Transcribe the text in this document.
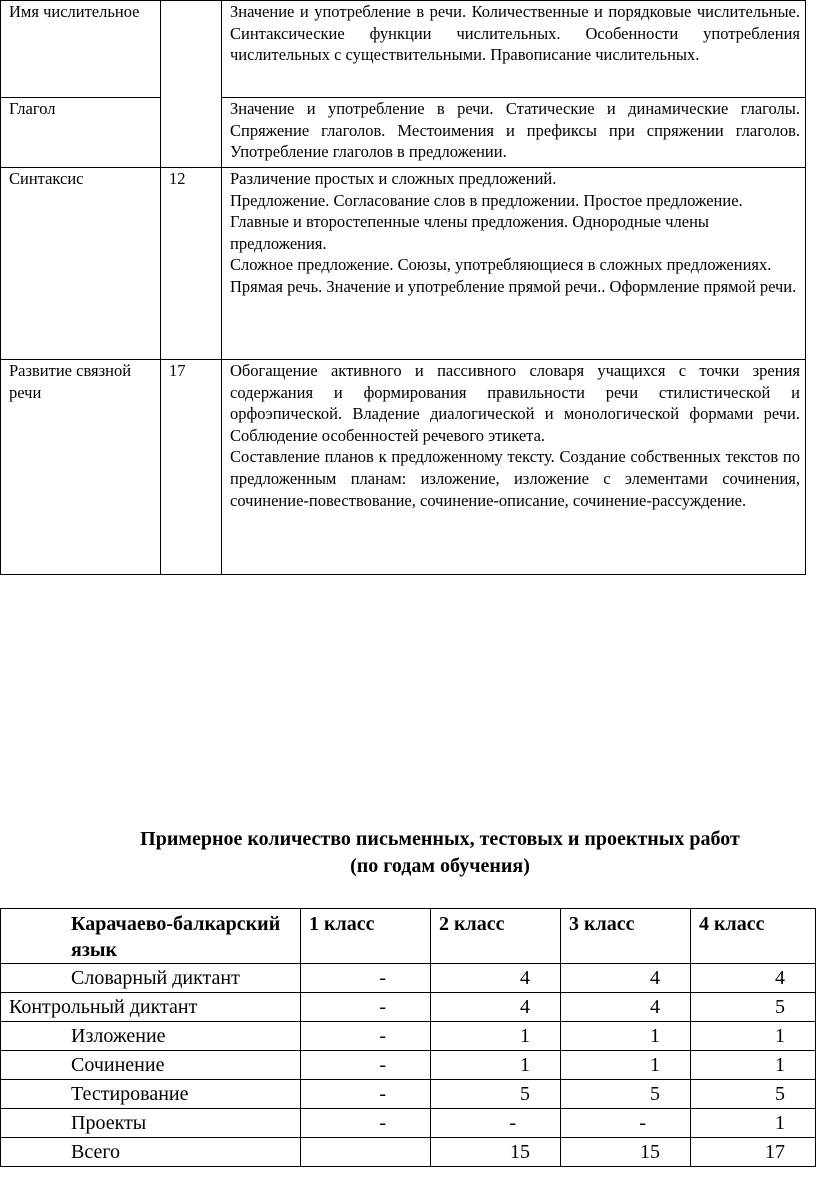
Имя числительное		Значение и употребление в речи. Количественные и порядковые числительные. Синтаксические функции числительных. Особенности употребления числительных с существительными. Правописание числительных.

Глагол		Значение и употребление в речи. Статические и динамические глаголы. Спряжение глаголов. Местоимения и префиксы при спряжении глаголов. Употребление глаголов в предложении.

Синтаксис	12	Различение простых и сложных предложений.
Предложение. Согласование слов в предложении. Простое предложение. Главные и второстепенные члены предложения. Однородные члены предложения.
Сложное предложение. Союзы, употребляющиеся в сложных предложениях.
Прямая речь. Значение и употребление прямой речи.. Оформление прямой речи.

Развитие связной речи	17	Обогащение активного и пассивного словаря учащихся с точки зрения содержания и формирования правильности речи стилистической и орфоэпической. Владение диалогической и монологической формами речи. Соблюдение особенностей речевого этикета.
Составление планов к предложенному тексту. Создание собственных текстов по предложенным планам: изложение, изложение с элементами сочинения, сочинение-повествование, сочинение-описание, сочинение-рассуждение.
Примерное количество письменных, тестовых и проектных работ
(по годам обучения)
Карачаево-балкарский язык	1 класс	2 класс	3 класс	4 класс
Словарный диктант	-	4	4	4
Контрольный диктант	-	4	4	5
Изложение	-	1	1	1
Сочинение	-	1	1	1
Тестирование	-	5	5	5
Проекты	-	-	-	1
Всего		15	15	17
